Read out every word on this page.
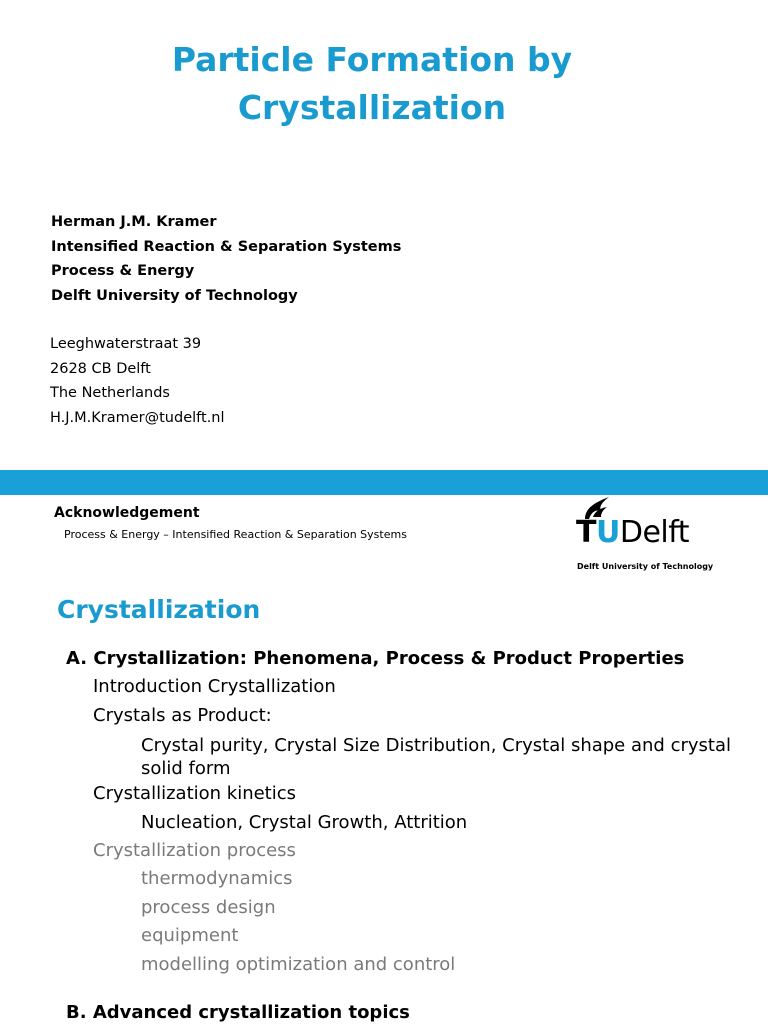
Particle Formation by
Crystallization
Herman J.M. Kramer
Intensified Reaction & Separation Systems
Process & Energy
Delft University of Technology
Leeghwaterstraat 39
2628 CB Delft
The Netherlands
H.J.M.Kramer@tudelft.nl
Acknowledgement
Process & Energy – Intensified Reaction & Separation Systems	TUDelft
Delft University of Technology
Crystallization
A. Crystallization: Phenomena, Process & Product Properties
Introduction Crystallization
Crystals as Product:
Crystal purity, Crystal Size Distribution, Crystal shape and crystal solid form
Crystallization kinetics
Nucleation, Crystal Growth, Attrition
Crystallization process
thermodynamics
process design
equipment
modelling optimization and control
B. Advanced crystallization topics
